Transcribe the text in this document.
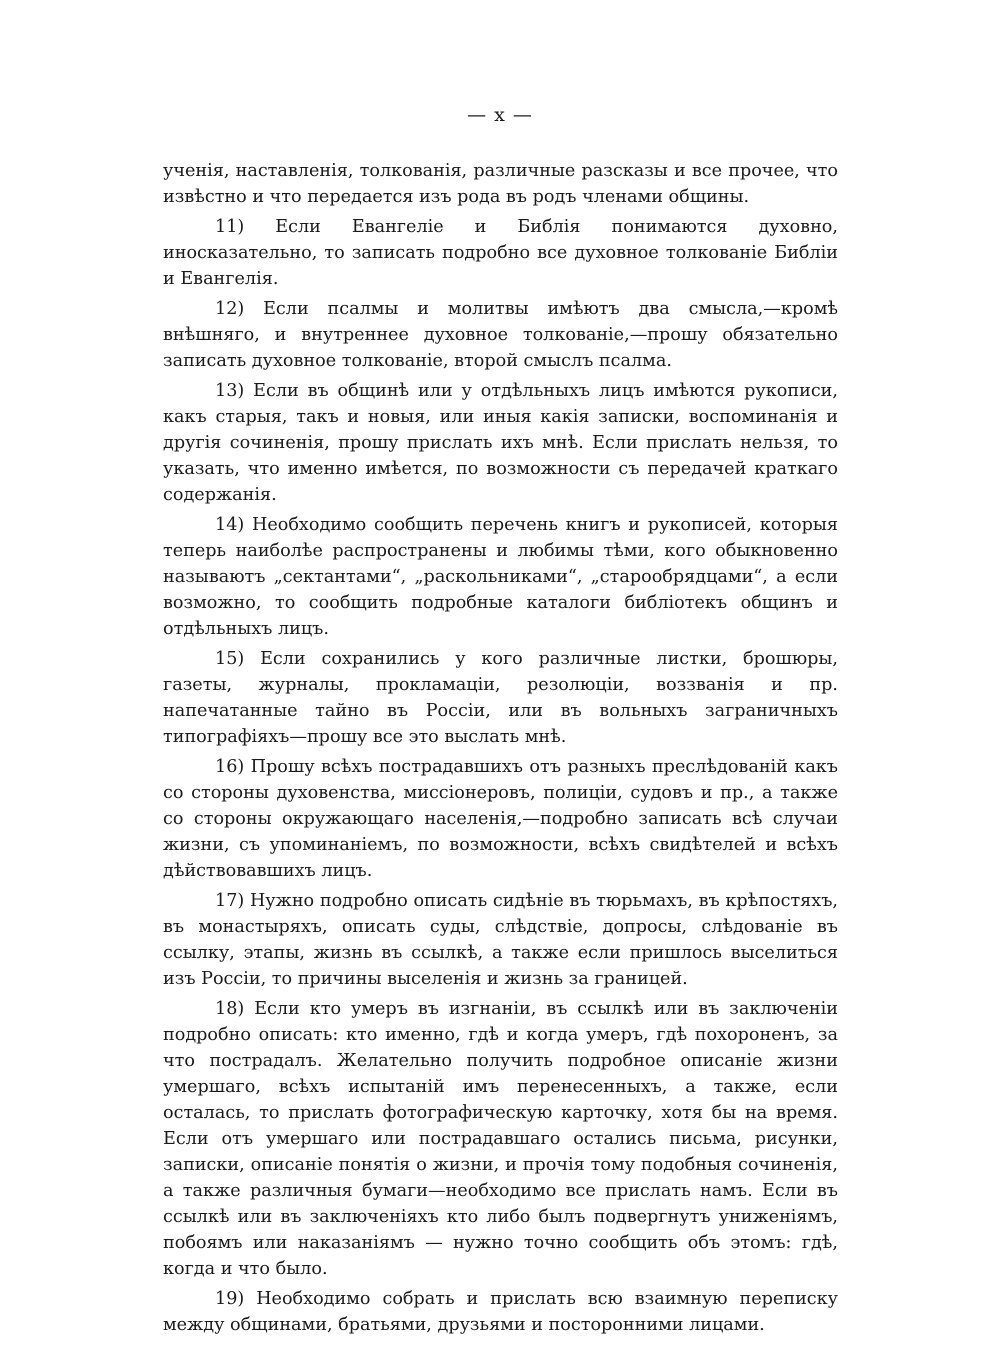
— x —

ученія, наставленія, толкованія, различные разсказы и все прочее, что извѣстно и что передается изъ рода въ родъ членами общины.

11) Если Евангеліе и Библія понимаются духовно, иносказательно, то записать подробно все духовное толкованіе Библіи и Евангелія.

12) Если псалмы и молитвы имѣютъ два смысла,—кромѣ внѣшняго, и внутреннее духовное толкованіе,—прошу обязательно записать духовное толкованіе, второй смыслъ псалма.

13) Если въ общинѣ или у отдѣльныхъ лицъ имѣются рукописи, какъ старыя, такъ и новыя, или иныя какія записки, воспоминанія и другія сочиненія, прошу прислать ихъ мнѣ. Если прислать нельзя, то указать, что именно имѣется, по возможности съ передачей краткаго содержанія.

14) Необходимо сообщить перечень книгъ и рукописей, которыя теперь наиболѣе распространены и любимы тѣми, кого обыкновенно называютъ „сектантами“, „раскольниками“, „старообрядцами“, а если возможно, то сообщить подробные каталоги библіотекъ общинъ и отдѣльныхъ лицъ.

15) Если сохранились у кого различные листки, брошюры, газеты, журналы, прокламаціи, резолюціи, воззванія и пр. напечатанные тайно въ Россіи, или въ вольныхъ заграничныхъ типографіяхъ—прошу все это выслать мнѣ.

16) Прошу всѣхъ пострадавшихъ отъ разныхъ преслѣдованій какъ со стороны духовенства, миссіонеровъ, полиціи, судовъ и пр., а также со стороны окружающаго населенія,—подробно записать всѣ случаи жизни, съ упоминаніемъ, по возможности, всѣхъ свидѣтелей и всѣхъ дѣйствовавшихъ лицъ.

17) Нужно подробно описать сидѣніе въ тюрьмахъ, въ крѣпостяхъ, въ монастыряхъ, описать суды, слѣдствіе, допросы, слѣдованіе въ ссылку, этапы, жизнь въ ссылкѣ, а также если пришлось выселиться изъ Россіи, то причины выселенія и жизнь за границей.

18) Если кто умеръ въ изгнаніи, въ ссылкѣ или въ заключеніи подробно описать: кто именно, гдѣ и когда умеръ, гдѣ похороненъ, за что пострадалъ. Желательно получить подробное описаніе жизни умершаго, всѣхъ испытаній имъ перенесенныхъ, а также, если осталась, то прислать фотографическую карточку, хотя бы на время. Если отъ умершаго или пострадавшаго остались письма, рисунки, записки, описаніе понятія о жизни, и прочія тому подобныя сочиненія, а также различныя бумаги—необходимо все прислать намъ. Если въ ссылкѣ или въ заключеніяхъ кто либо былъ подвергнутъ униженіямъ, побоямъ или наказаніямъ — нужно точно сообщить объ этомъ: гдѣ, когда и что было.

19) Необходимо собрать и прислать всю взаимную переписку между общинами, братьями, друзьями и посторонними лицами.
